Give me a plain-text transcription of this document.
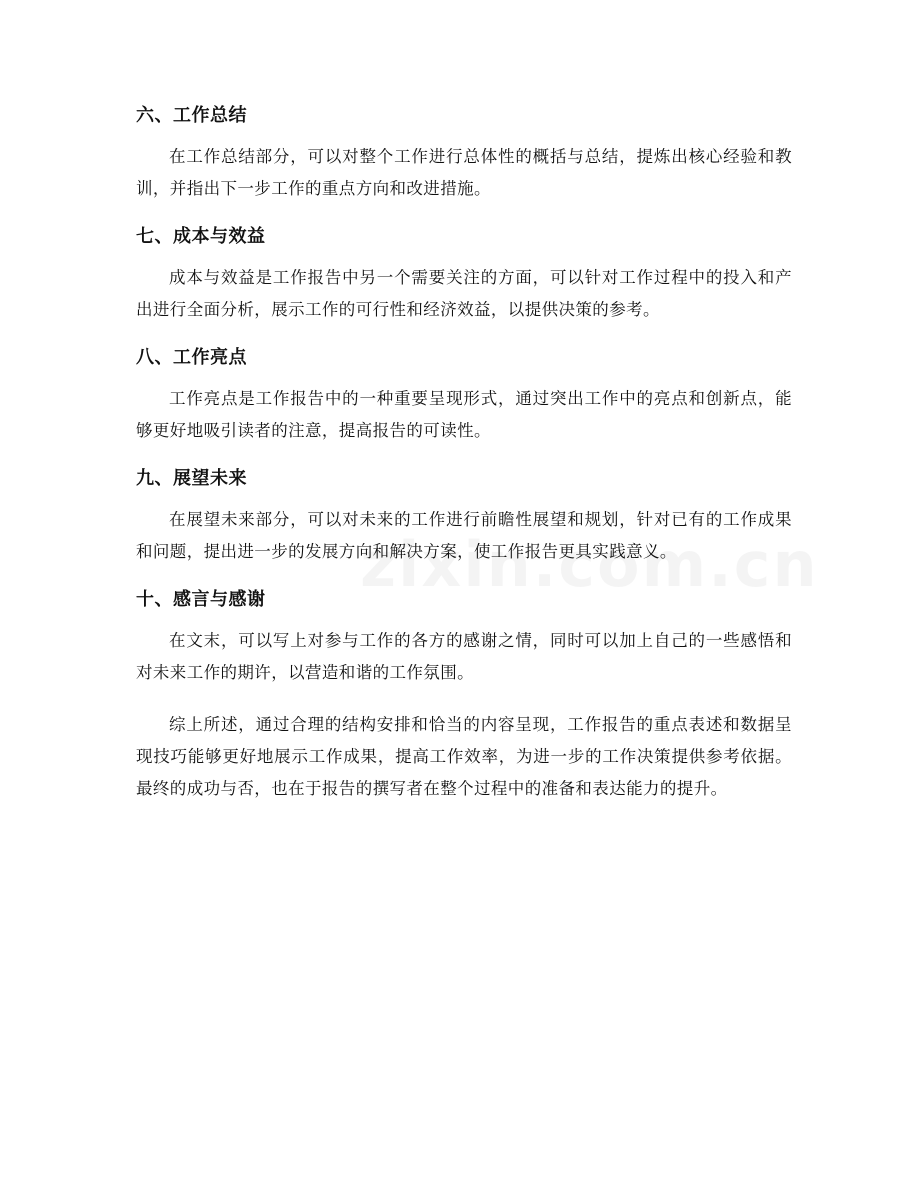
六、工作总结

在工作总结部分，可以对整个工作进行总体性的概括与总结，提炼出核心经验和教训，并指出下一步工作的重点方向和改进措施。

七、成本与效益

成本与效益是工作报告中另一个需要关注的方面，可以针对工作过程中的投入和产出进行全面分析，展示工作的可行性和经济效益，以提供决策的参考。

八、工作亮点

工作亮点是工作报告中的一种重要呈现形式，通过突出工作中的亮点和创新点，能够更好地吸引读者的注意，提高报告的可读性。

九、展望未来

在展望未来部分，可以对未来的工作进行前瞻性展望和规划，针对已有的工作成果和问题，提出进一步的发展方向和解决方案，使工作报告更具实践意义。

十、感言与感谢

在文末，可以写上对参与工作的各方的感谢之情，同时可以加上自己的一些感悟和对未来工作的期许，以营造和谐的工作氛围。

综上所述，通过合理的结构安排和恰当的内容呈现，工作报告的重点表述和数据呈现技巧能够更好地展示工作成果，提高工作效率，为进一步的工作决策提供参考依据。最终的成功与否，也在于报告的撰写者在整个过程中的准备和表达能力的提升。
